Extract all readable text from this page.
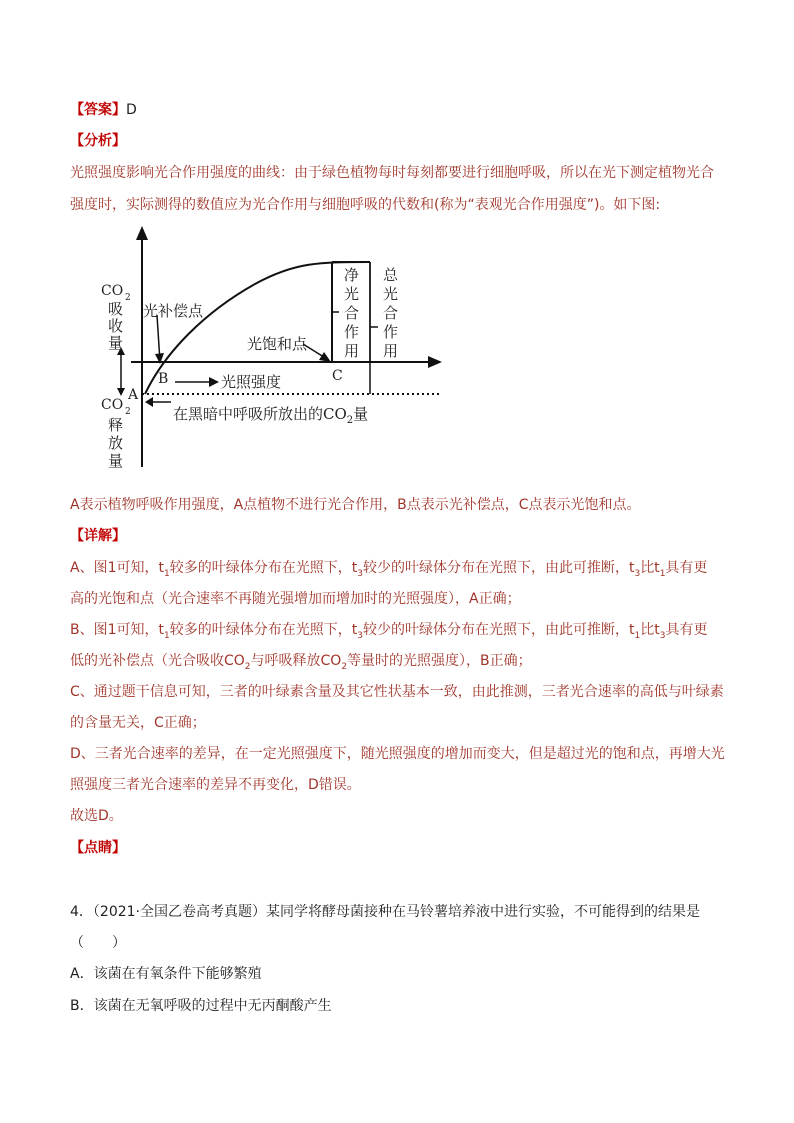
【答案】D
【分析】
光照强度影响光合作用强度的曲线：由于绿色植物每时每刻都要进行细胞呼吸，所以在光下测定植物光合
强度时，实际测得的数值应为光合作用与细胞呼吸的代数和(称为“表观光合作用强度”)。如下图:
CO 2
吸
收
量
CO 2
释
放
量
A
B	C
光补偿点
光饱和点
光照强度
在黑暗中呼吸所放出的$CO_2$量
净
光
合
作
用
总
光
合
作
用
A表示植物呼吸作用强度，A点植物不进行光合作用，B点表示光补偿点，C点表示光饱和点。
【详解】
A、图1可知，$t_1$较多的叶绿体分布在光照下，$t_3$较少的叶绿体分布在光照下，由此可推断，$t_3$比$t_1$具有更
高的光饱和点（光合速率不再随光强增加而增加时的光照强度），A正确；
B、图1可知，$t_1$较多的叶绿体分布在光照下，$t_3$较少的叶绿体分布在光照下，由此可推断，$t_1$比$t_3$具有更
低的光补偿点（光合吸收$CO_2$与呼吸释放$CO_2$等量时的光照强度），B正确；
C、通过题干信息可知，三者的叶绿素含量及其它性状基本一致，由此推测，三者光合速率的高低与叶绿素
的含量无关，C正确；
D、三者光合速率的差异，在一定光照强度下，随光照强度的增加而变大，但是超过光的饱和点，再增大光
照强度三者光合速率的差异不再变化，D错误。
故选D。
【点睛】
4．（2021·全国乙卷高考真题）某同学将酵母菌接种在马铃薯培养液中进行实验，不可能得到的结果是
（　　）
A．该菌在有氧条件下能够繁殖
B．该菌在无氧呼吸的过程中无丙酮酸产生
